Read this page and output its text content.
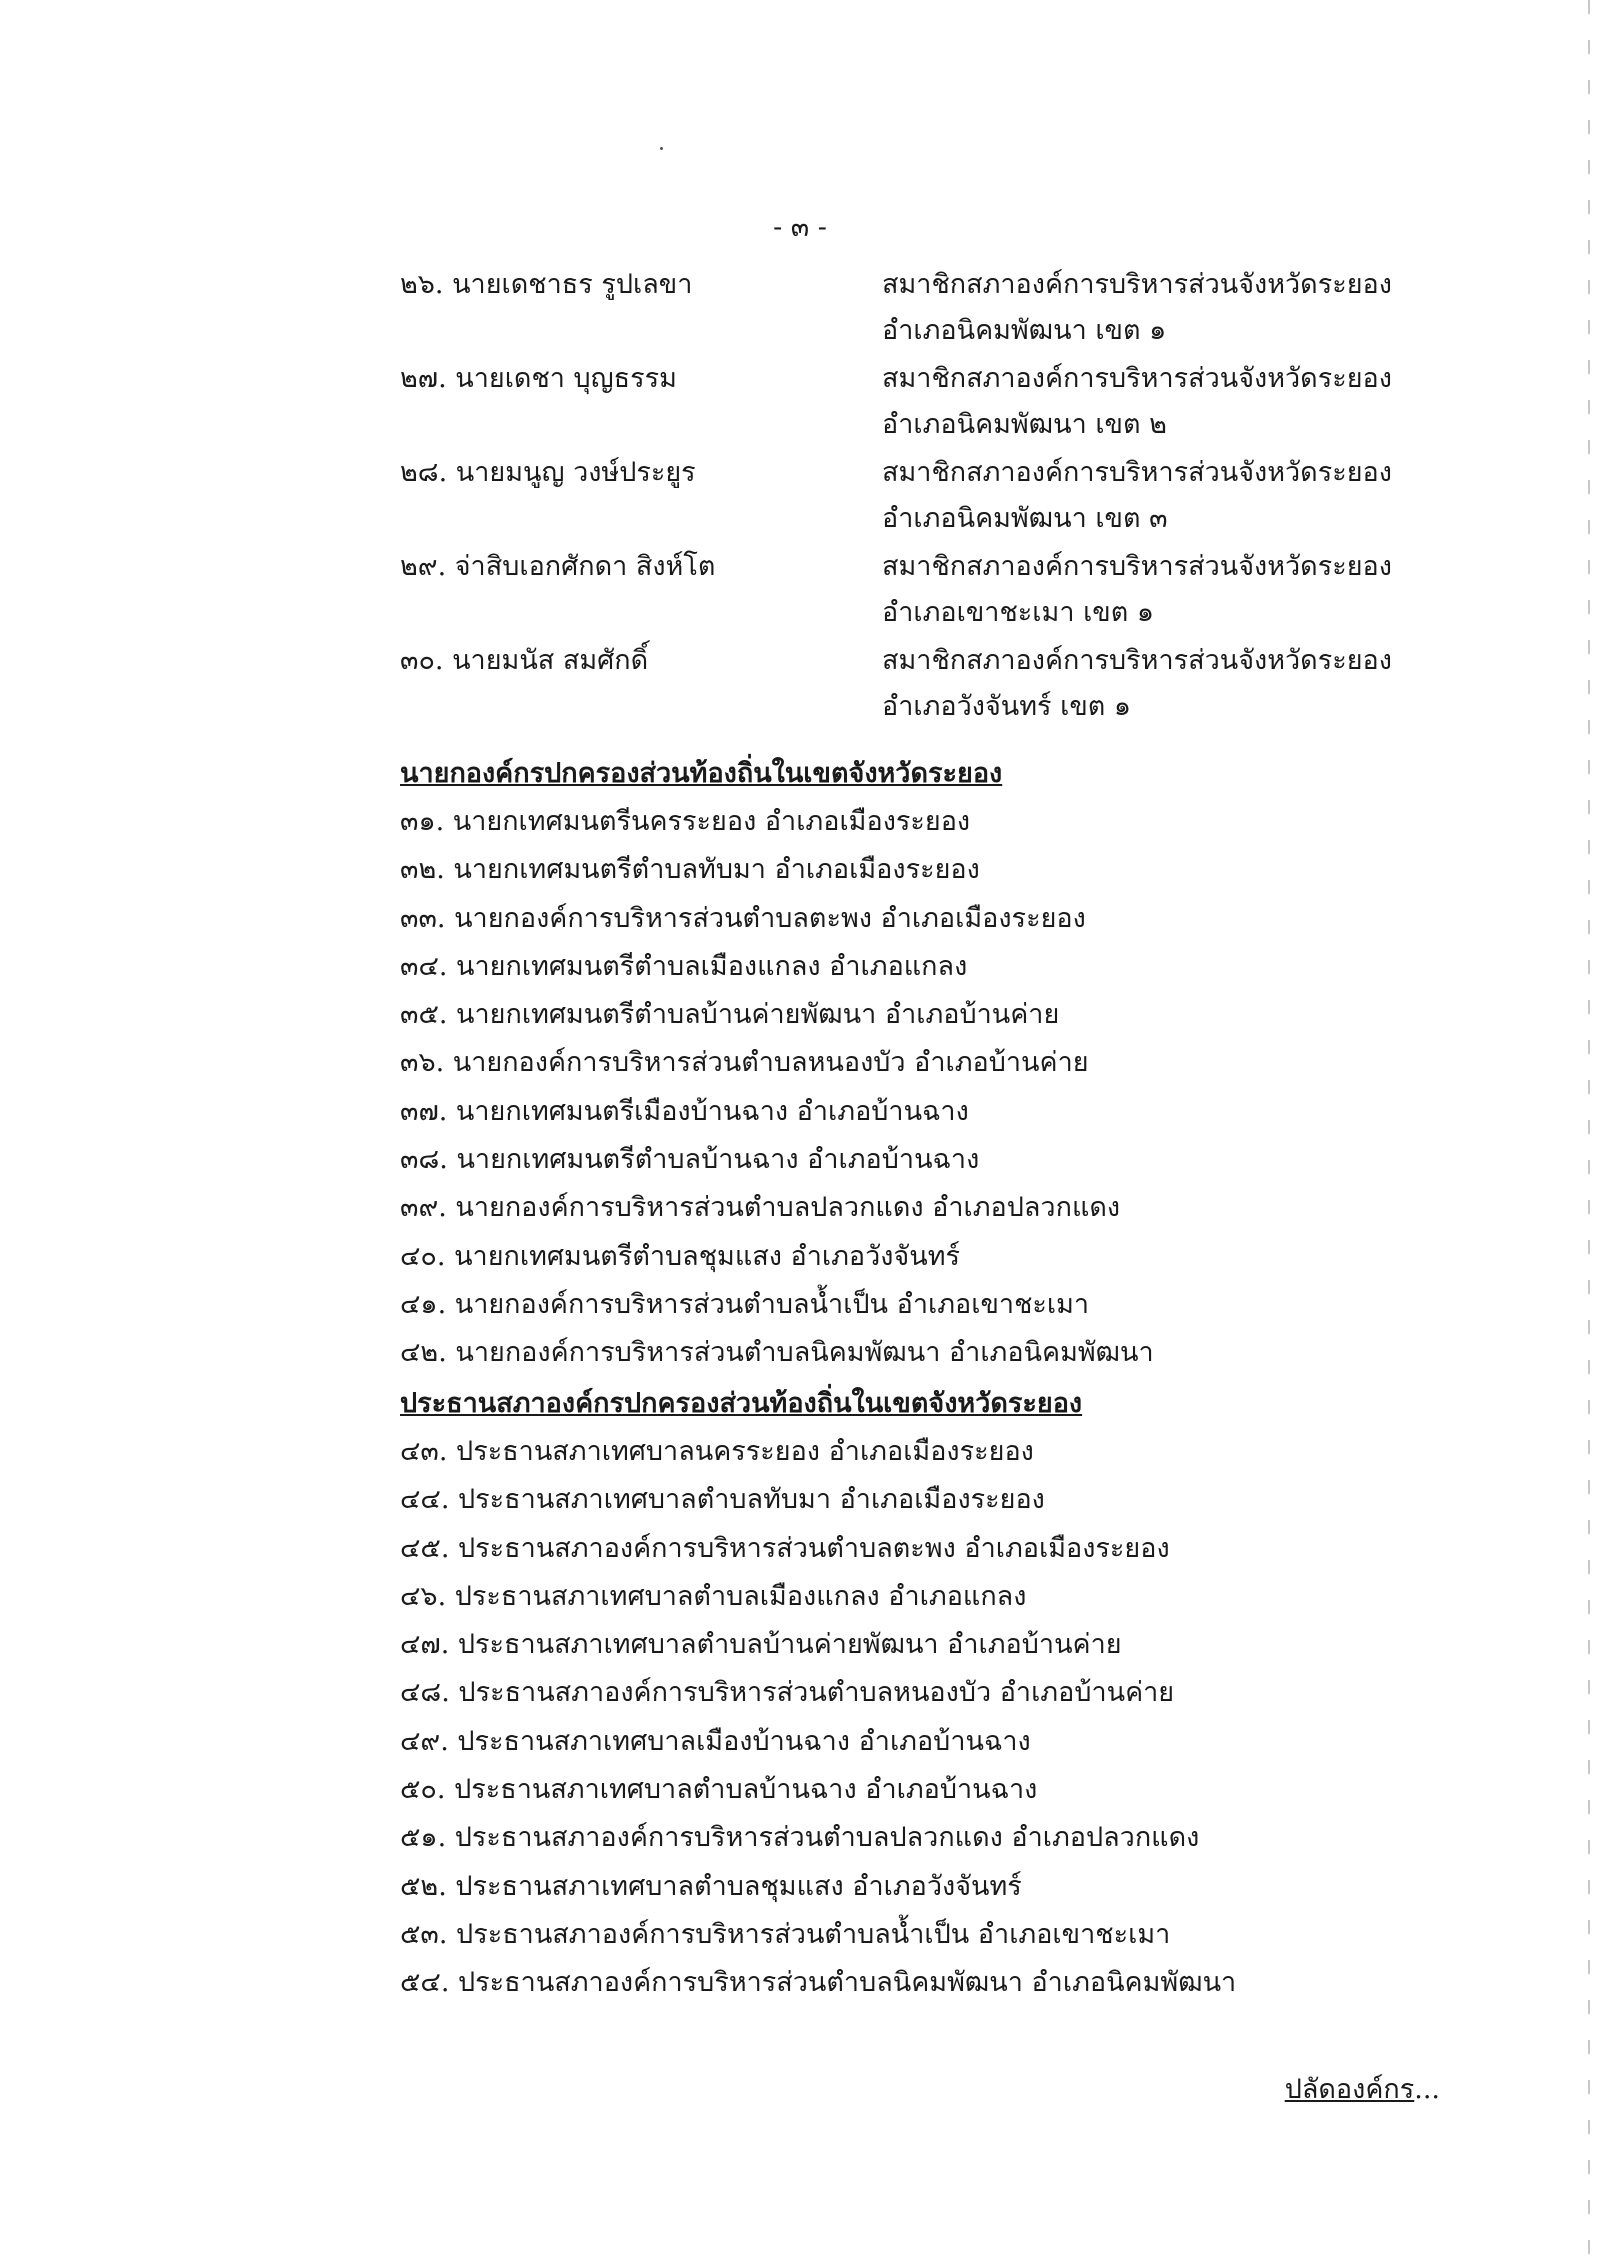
- ๓ -
๒๖. นายเดชาธร รูปเลขา	สมาชิกสภาองค์การบริหารส่วนจังหวัดระยอง
อำเภอนิคมพัฒนา เขต ๑
๒๗. นายเดชา บุญธรรม	สมาชิกสภาองค์การบริหารส่วนจังหวัดระยอง
อำเภอนิคมพัฒนา เขต ๒
๒๘. นายมนูญ วงษ์ประยูร	สมาชิกสภาองค์การบริหารส่วนจังหวัดระยอง
อำเภอนิคมพัฒนา เขต ๓
๒๙. จ่าสิบเอกศักดา สิงห์โต	สมาชิกสภาองค์การบริหารส่วนจังหวัดระยอง
อำเภอเขาชะเมา เขต ๑
๓๐. นายมนัส สมศักดิ์	สมาชิกสภาองค์การบริหารส่วนจังหวัดระยอง
อำเภอวังจันทร์ เขต ๑
นายกองค์กรปกครองส่วนท้องถิ่นในเขตจังหวัดระยอง
๓๑. นายกเทศมนตรีนครระยอง อำเภอเมืองระยอง
๓๒. นายกเทศมนตรีตำบลทับมา อำเภอเมืองระยอง
๓๓. นายกองค์การบริหารส่วนตำบลตะพง อำเภอเมืองระยอง
๓๔. นายกเทศมนตรีตำบลเมืองแกลง อำเภอแกลง
๓๕. นายกเทศมนตรีตำบลบ้านค่ายพัฒนา อำเภอบ้านค่าย
๓๖. นายกองค์การบริหารส่วนตำบลหนองบัว อำเภอบ้านค่าย
๓๗. นายกเทศมนตรีเมืองบ้านฉาง อำเภอบ้านฉาง
๓๘. นายกเทศมนตรีตำบลบ้านฉาง อำเภอบ้านฉาง
๓๙. นายกองค์การบริหารส่วนตำบลปลวกแดง อำเภอปลวกแดง
๔๐. นายกเทศมนตรีตำบลชุมแสง อำเภอวังจันทร์
๔๑. นายกองค์การบริหารส่วนตำบลน้ำเป็น อำเภอเขาชะเมา
๔๒. นายกองค์การบริหารส่วนตำบลนิคมพัฒนา อำเภอนิคมพัฒนา
ประธานสภาองค์กรปกครองส่วนท้องถิ่นในเขตจังหวัดระยอง
๔๓. ประธานสภาเทศบาลนครระยอง อำเภอเมืองระยอง
๔๔. ประธานสภาเทศบาลตำบลทับมา อำเภอเมืองระยอง
๔๕. ประธานสภาองค์การบริหารส่วนตำบลตะพง อำเภอเมืองระยอง
๔๖. ประธานสภาเทศบาลตำบลเมืองแกลง อำเภอแกลง
๔๗. ประธานสภาเทศบาลตำบลบ้านค่ายพัฒนา อำเภอบ้านค่าย
๔๘. ประธานสภาองค์การบริหารส่วนตำบลหนองบัว อำเภอบ้านค่าย
๔๙. ประธานสภาเทศบาลเมืองบ้านฉาง อำเภอบ้านฉาง
๕๐. ประธานสภาเทศบาลตำบลบ้านฉาง อำเภอบ้านฉาง
๕๑. ประธานสภาองค์การบริหารส่วนตำบลปลวกแดง อำเภอปลวกแดง
๕๒. ประธานสภาเทศบาลตำบลชุมแสง อำเภอวังจันทร์
๕๓. ประธานสภาองค์การบริหารส่วนตำบลน้ำเป็น อำเภอเขาชะเมา
๕๔. ประธานสภาองค์การบริหารส่วนตำบลนิคมพัฒนา อำเภอนิคมพัฒนา
ปลัดองค์กร...
